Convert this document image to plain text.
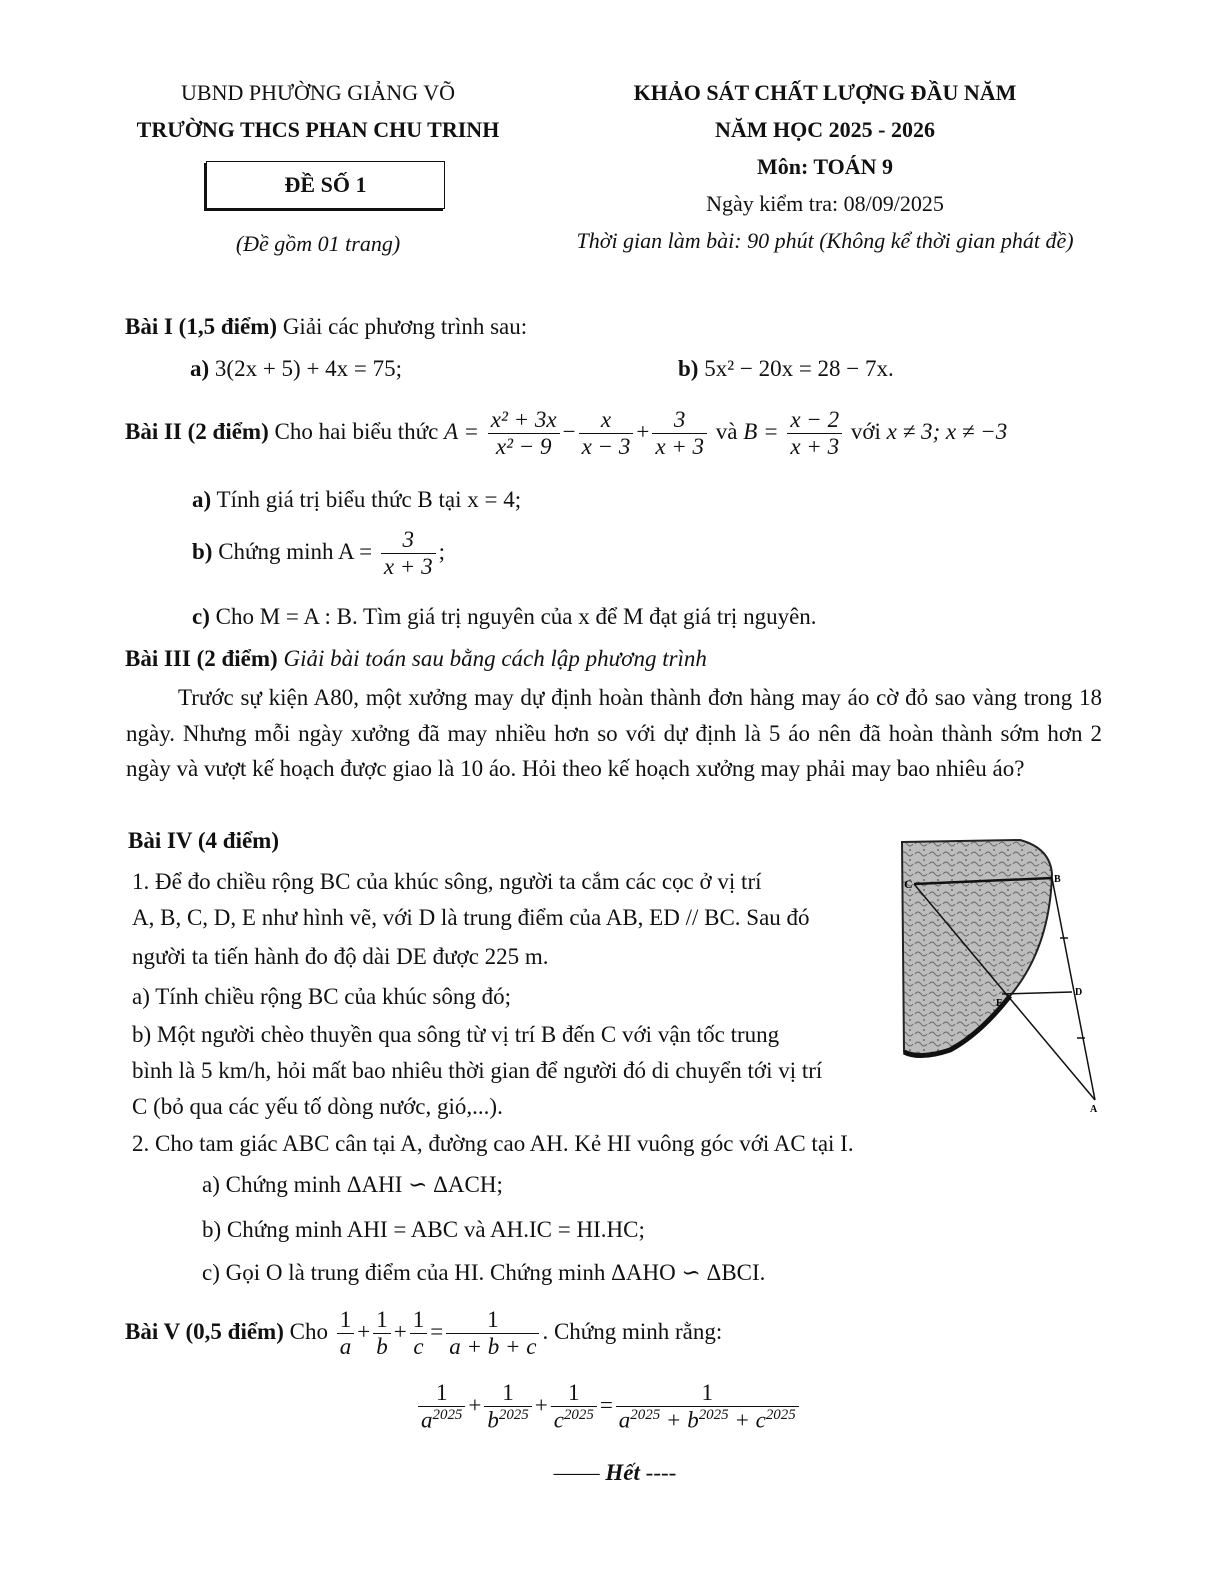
UBND PHƯỜNG GIẢNG VÕ
TRƯỜNG THCS PHAN CHU TRINH
ĐỀ SỐ 1
(Đề gồm 01 trang)
KHẢO SÁT CHẤT LƯỢNG ĐẦU NĂM
NĂM HỌC 2025 - 2026
Môn: TOÁN 9
Ngày kiểm tra: 08/09/2025
Thời gian làm bài: 90 phút (Không kể thời gian phát đề)
Bài I (1,5 điểm) Giải các phương trình sau:
a) 3(2x + 5) + 4x = 75;	b) 5x² − 20x = 28 − 7x.
Bài II (2 điểm) Cho hai biểu thức $A = \frac{\text{x² + 3x}}{\text{x² − 9}} - \frac{x}{x - 3} + \frac{3}{x + 3}$ và $B = \frac{x - 2}{x + 3}$ với x ≠ 3; x ≠ −3
a) Tính giá trị biểu thức B tại x = 4;
b) Chứng minh $A = \frac{3}{x + 3}$ ;
c) Cho M = A : B. Tìm giá trị nguyên của x để M đạt giá trị nguyên.
Bài III (2 điểm) Giải bài toán sau bằng cách lập phương trình
Trước sự kiện A80, một xưởng may dự định hoàn thành đơn hàng may áo cờ đỏ sao vàng trong 18 ngày. Nhưng mỗi ngày xưởng đã may nhiều hơn so với dự định là 5 áo nên đã hoàn thành sớm hơn 2 ngày và vượt kế hoạch được giao là 10 áo. Hỏi theo kế hoạch xưởng may phải may bao nhiêu áo?
Bài IV (4 điểm)
1. Để đo chiều rộng BC của khúc sông, người ta cắm các cọc ở vị trí
A, B, C, D, E như hình vẽ, với D là trung điểm của AB, ED // BC. Sau đó
người ta tiến hành đo độ dài DE được 225 m.
a) Tính chiều rộng BC của khúc sông đó;
b) Một người chèo thuyền qua sông từ vị trí B đến C với vận tốc trung
bình là 5 km/h, hỏi mất bao nhiêu thời gian để người đó di chuyển tới vị trí
C (bỏ qua các yếu tố dòng nước, gió,...).
C	B
E
D
A
2. Cho tam giác ABC cân tại A, đường cao AH. Kẻ HI vuông góc với AC tại I.
a) Chứng minh ΔAHI ∽ ΔACH;
b) Chứng minh AHI = ABC và AH.IC = HI.HC;
c) Gọi O là trung điểm của HI. Chứng minh ΔAHO ∽ ΔBCI.
Bài V (0,5 điểm) Cho $\frac{1}{a} + \frac{1}{b} + \frac{1}{c} = \frac{1}{a + b + c}$ . Chứng minh rằng:
$\frac{1}{a^{2025}} + \frac{1}{b^{2025}} + \frac{1}{c^{2025}} = \frac{1}{a^{2025} + b^{2025} + c^{2025}}$
—— Hết ----
